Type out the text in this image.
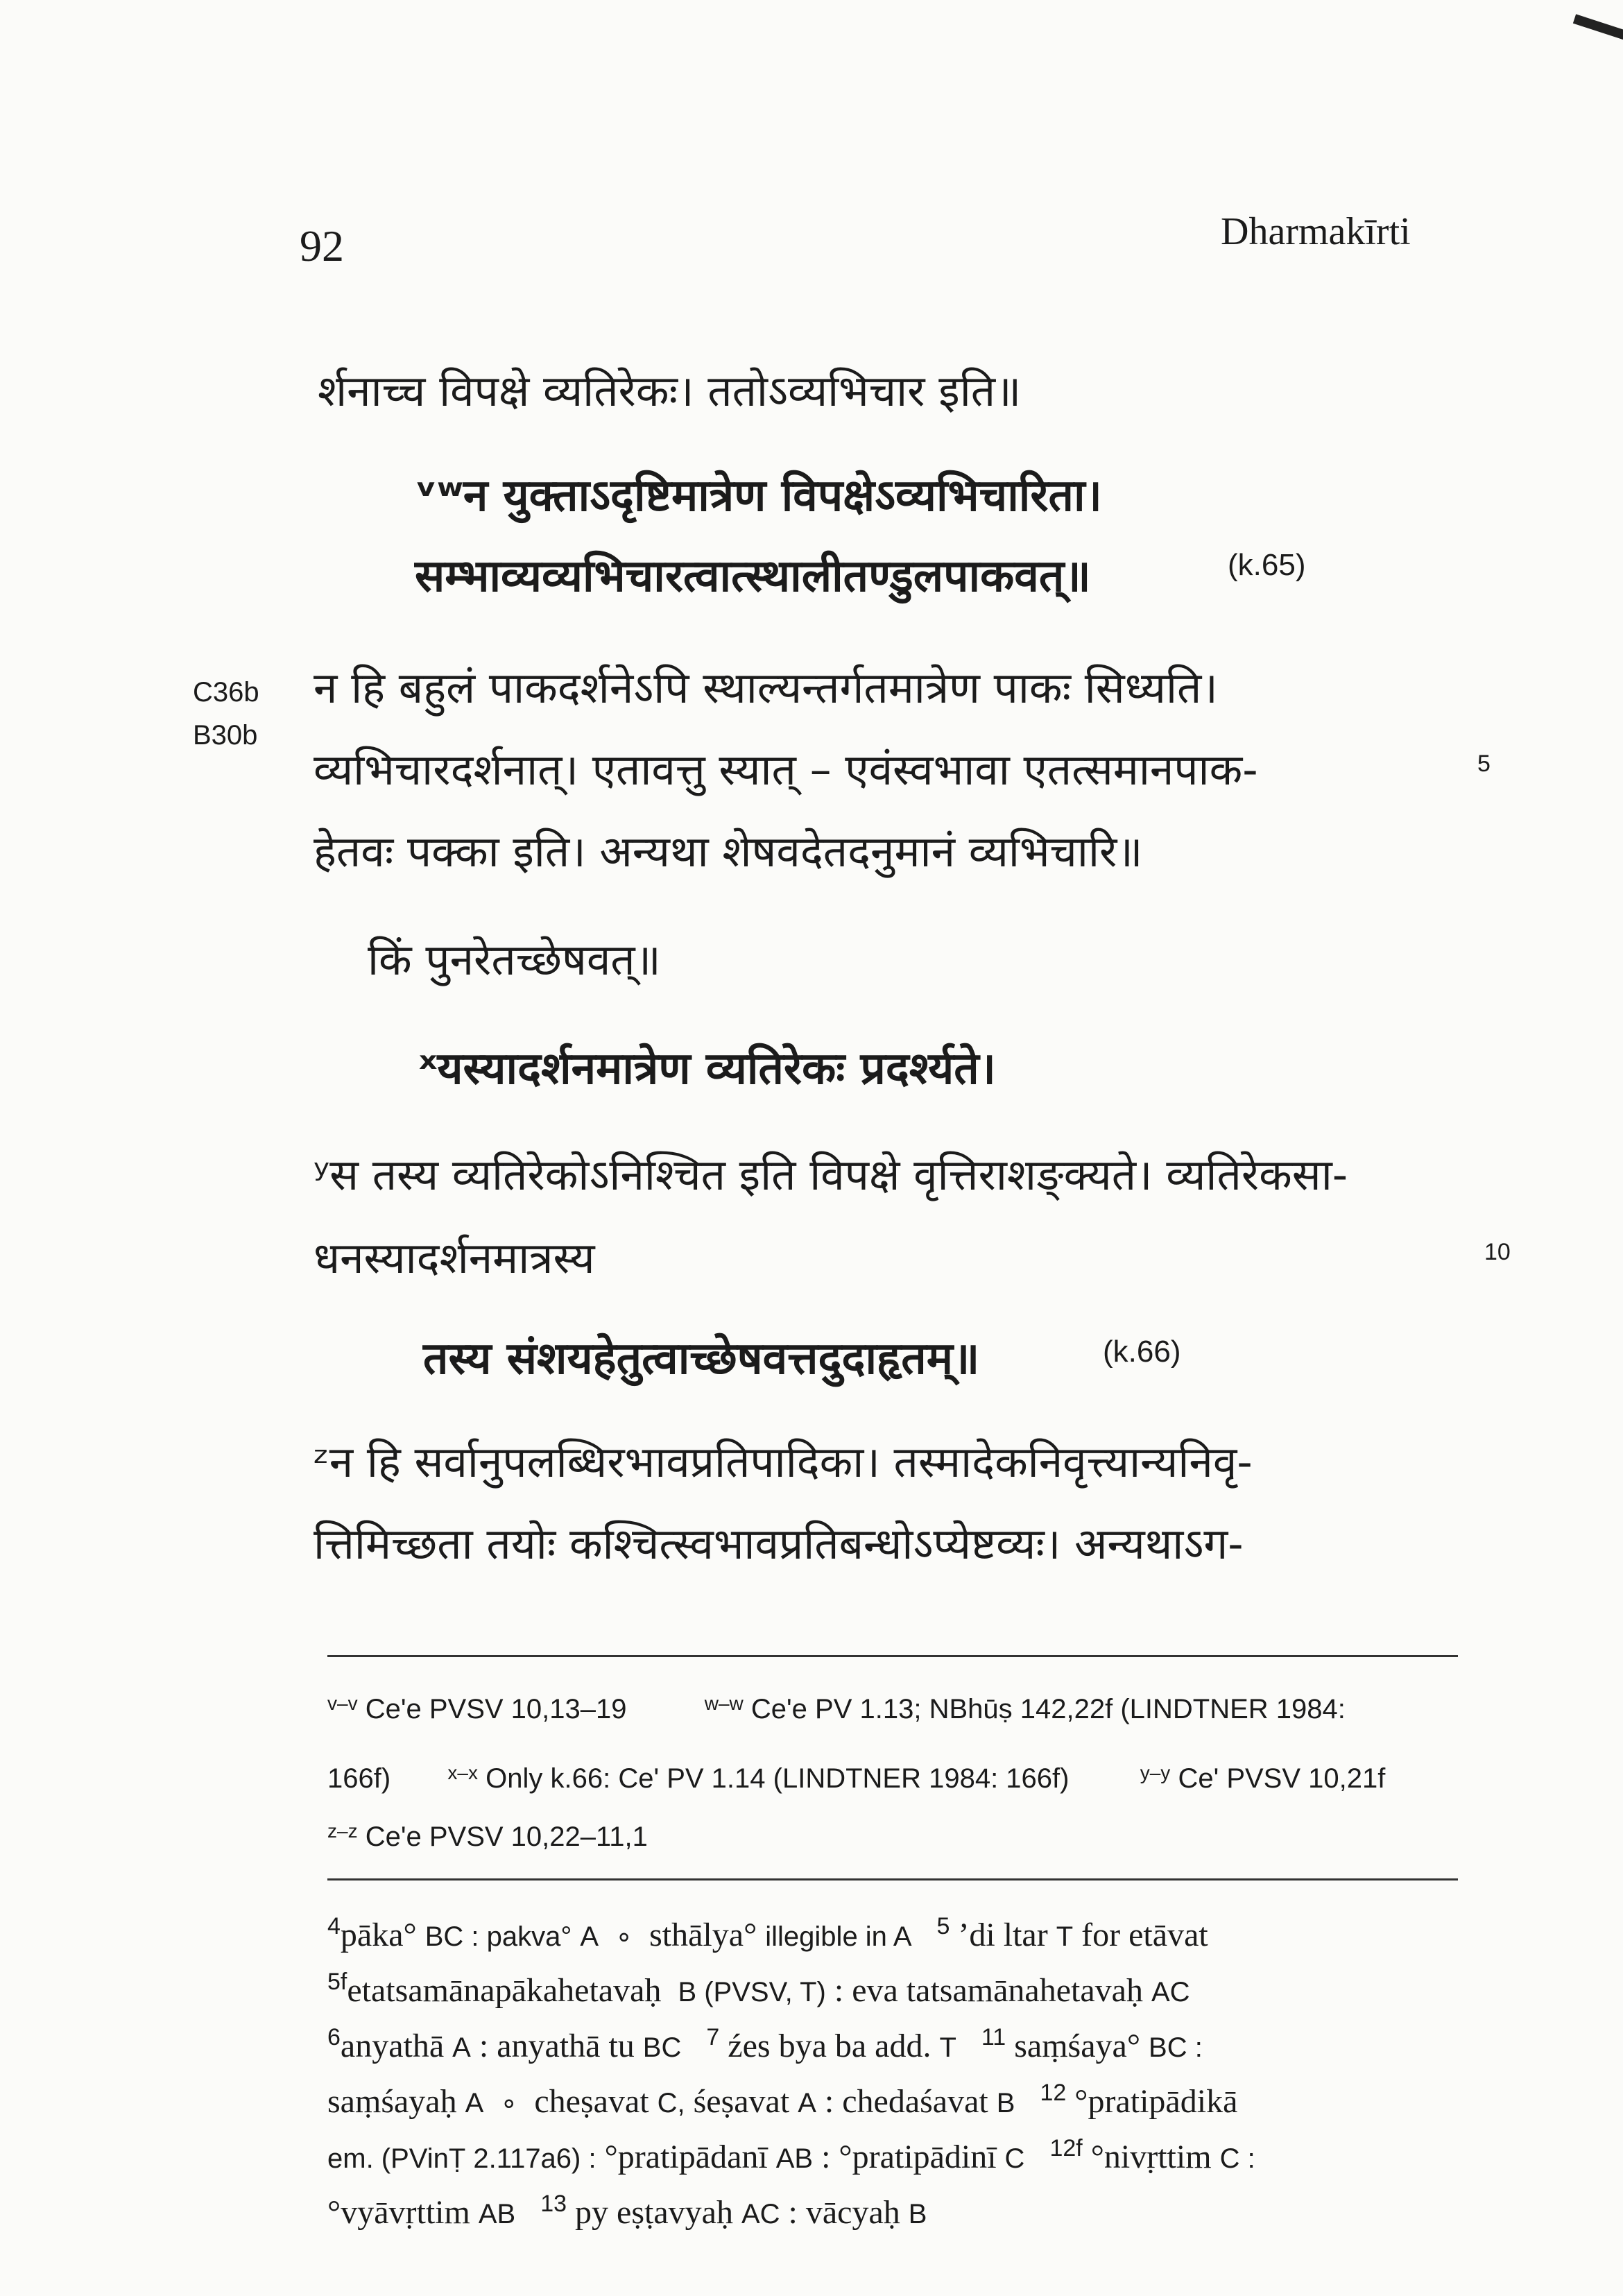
92	Dharmakīrti
र्शनाच्च विपक्षे व्यतिरेकः। ततोऽव्यभिचार इति॥
ᵛʷन युक्ताऽदृष्टिमात्रेण विपक्षेऽव्यभिचारिता।
सम्भाव्यव्यभिचारत्वात्स्थालीतण्डुलपाकवत्॥	(k.65)
C36b
B30b
न हि बहुलं पाकदर्शनेऽपि स्थाल्यन्तर्गतमात्रेण पाकः सिध्यति।
व्यभिचारदर्शनात्। एतावत्तु स्यात् – एवंस्वभावा एतत्समानपाक-	5
हेतवः पक्का इति। अन्यथा शेषवदेतदनुमानं व्यभिचारि॥
किं पुनरेतच्छेषवत्॥
ˣयस्यादर्शनमात्रेण व्यतिरेकः प्रदर्श्यते।
ʸस तस्य व्यतिरेकोऽनिश्चित इति विपक्षे वृत्तिराशङ्क्यते। व्यतिरेकसा-
धनस्यादर्शनमात्रस्य	10
तस्य संशयहेतुत्वाच्छेषवत्तदुदाहृतम्॥	(k.66)
ᶻन हि सर्वानुपलब्धिरभावप्रतिपादिका। तस्मादेकनिवृत्त्यान्यनिवृ-
त्तिमिच्छता तयोः कश्चित्स्वभावप्रतिबन्धोऽप्येष्टव्यः। अन्यथाऽग-
$^{v-v}$ Ce'e PVSV 10,13–19	$^{w-w}$ Ce'e PV 1.13; NBhūṣ 142,22f (LINDTNER 1984:
166f)	$^{x-x}$ Only k.66: Ce' PV 1.14 (LINDTNER 1984: 166f)	$^{y-y}$ Ce' PVSV 10,21f
$^{z-z}$ Ce'e PVSV 10,22–11,1
$^4$pāka° BC : pakva° A ∘ sthālya° illegible in A $^5$ ’di ltar T for etāvat
$^{5f}$etatsamānapākahetavaḥ B (PVSV, T) : eva tatsamānahetavaḥ AC
$^6$anyathā A : anyathā tu BC $^7$ źes bya ba add. T $^{11}$ saṃśaya° BC :
saṃśayaḥ A ∘ cheṣavat C, śeṣavat A : chedaśavat B $^{12}$ °pratipādikā
em. (PVinṬ 2.117a6) : °pratipādanī AB : °pratipādinī C $^{12f}$ °nivṛttim C :
°vyāvṛttim AB $^{13}$ py eṣṭavyaḥ AC : vācyaḥ B
